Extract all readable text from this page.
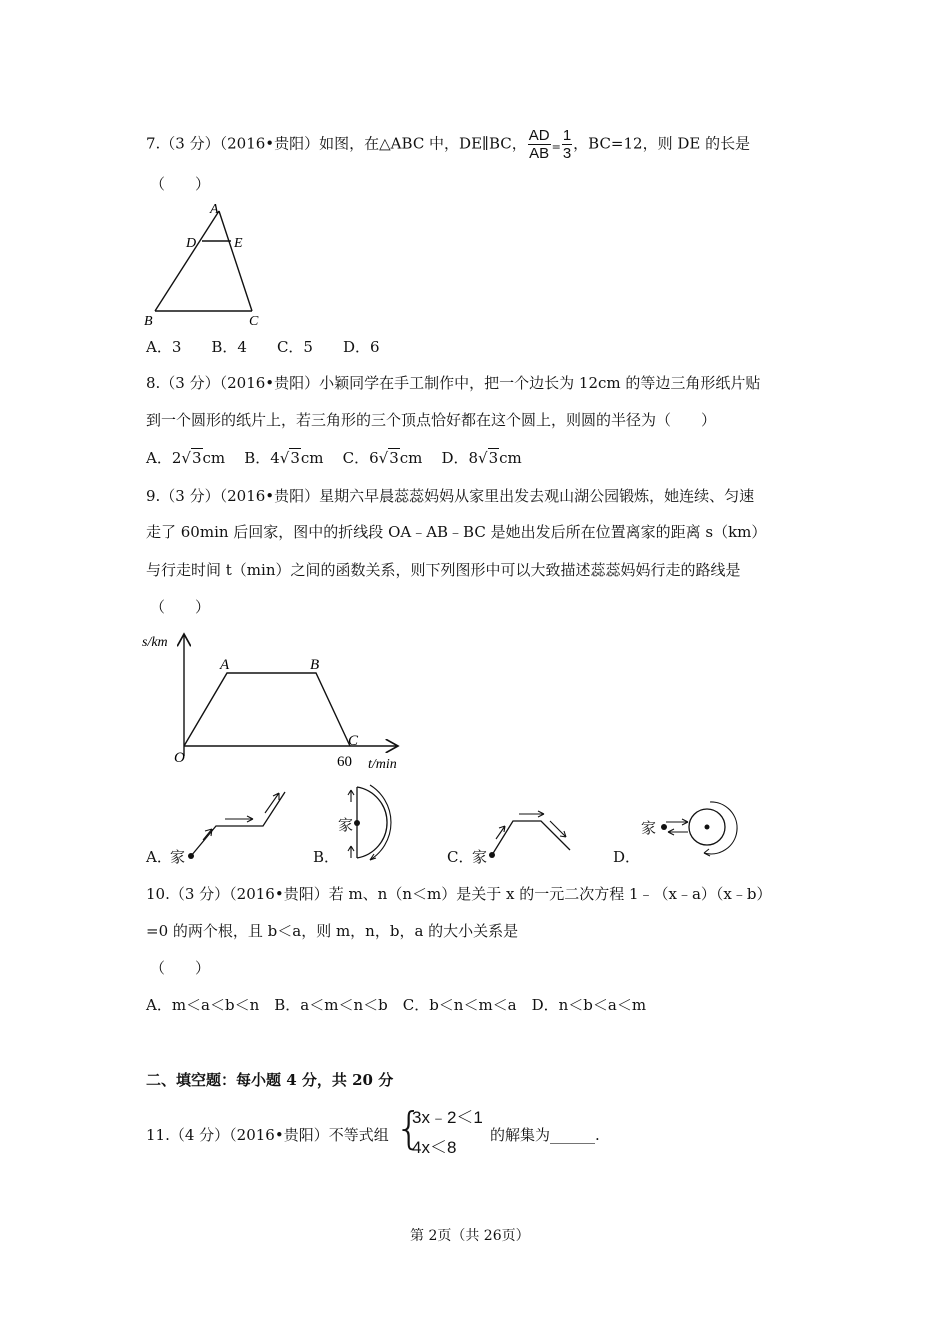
7.（3 分）（2016•贵阳）如图，在△ABC 中，DE∥BC， $\frac{AD}{AB} = \frac{1}{3}$ ，BC=12，则 DE 的长是
（　　）
A
D	E
B	C
A．3　　B．4　　C．5　　D．6
8.（3 分）（2016•贵阳）小颖同学在手工制作中，把一个边长为 12cm 的等边三角形纸片贴
到一个圆形的纸片上，若三角形的三个顶点恰好都在这个圆上，则圆的半径为（　　）
A．2√3cm B．4√3cm C．6√3cm D．8√3cm
9.（3 分）（2016•贵阳）星期六早晨蕊蕊妈妈从家里出发去观山湖公园锻炼，她连续、匀速
走了 60min 后回家，图中的折线段 OA﹣AB﹣BC 是她出发后所在位置离家的距离 s（km）
与行走时间 t（min）之间的函数关系，则下列图形中可以大致描述蕊蕊妈妈行走的路线是
（　　）
s/km
t/min
O
A	B
C
60
A．
家	B．
家
C．
家	D．
家
10.（3 分）（2016•贵阳）若 m、n（n＜m）是关于 x 的一元二次方程 1﹣（x﹣a）（x﹣b）
=0 的两个根，且 b＜a，则 m，n，b，a 的大小关系是
（　　）
A．m＜a＜b＜n　B．a＜m＜n＜b　C．b＜n＜m＜a　D．n＜b＜a＜m
二、填空题：每小题 4 分，共 20 分
11.（4 分）（2016•贵阳）不等式组 {
3x﹣2＜1
4x＜8
的解集为______.
第 2页（共 26页）
